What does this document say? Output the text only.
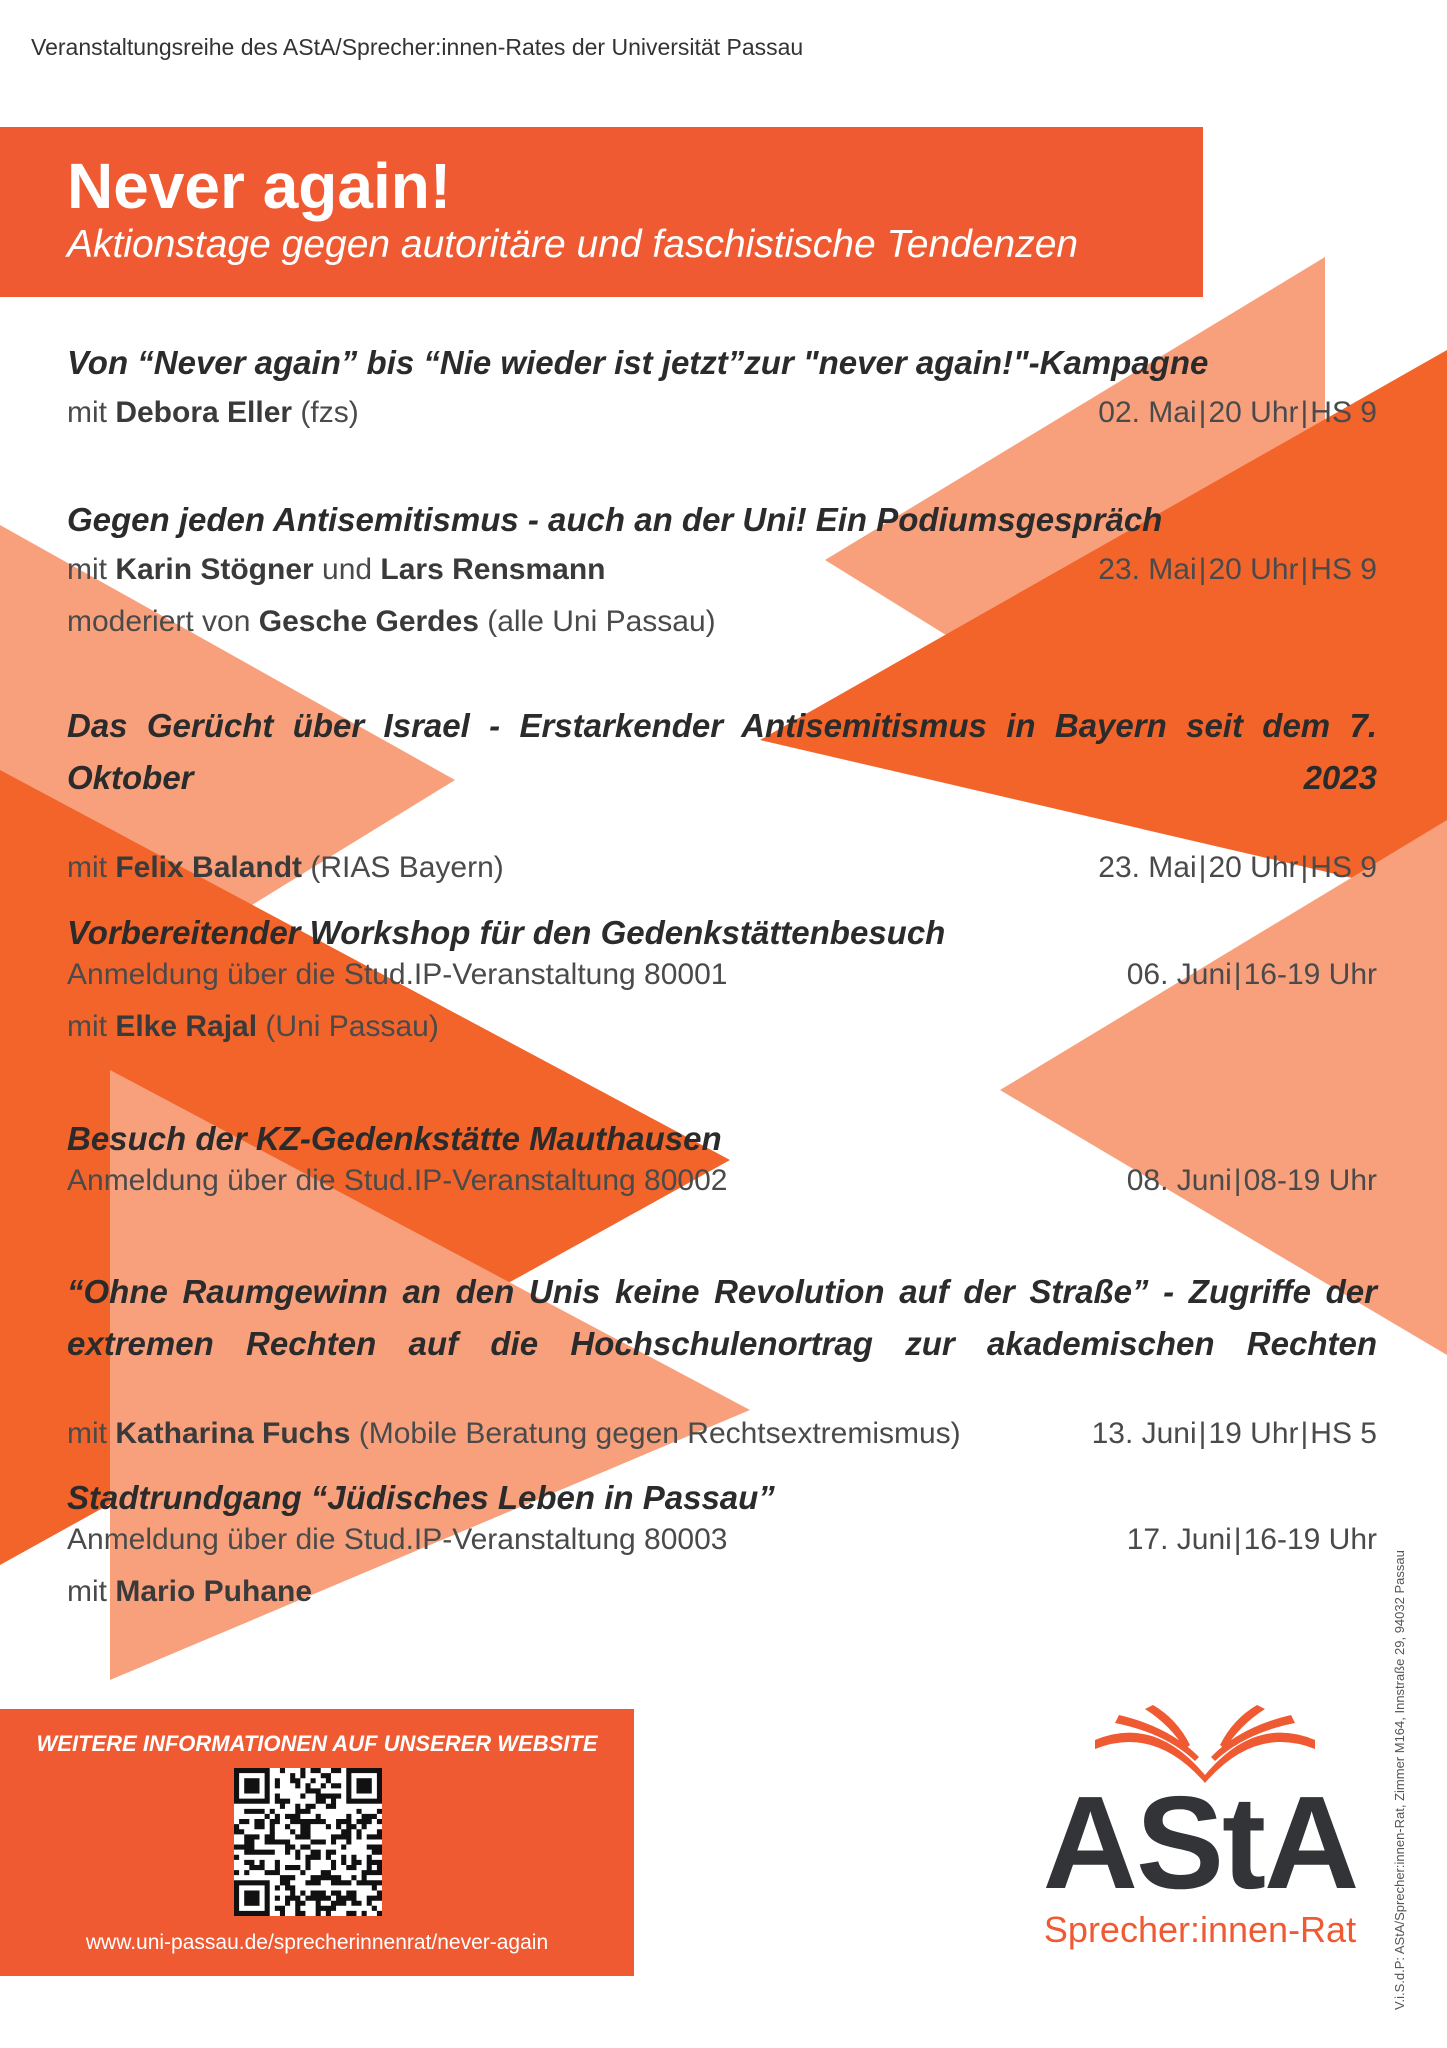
Veranstaltungsreihe des AStA/Sprecher:innen-Rates der Universität Passau
Never again!
Aktionstage gegen autoritäre und faschistische Tendenzen
Von “Never again” bis “Nie wieder ist jetzt”zur "never again!"-Kampagne
mit Debora Eller (fzs)	02. Mai|20 Uhr|HS 9
Gegen jeden Antisemitismus - auch an der Uni! Ein Podiumsgespräch
mit Karin Stögner und Lars Rensmann	23. Mai|20 Uhr|HS 9
moderiert von Gesche Gerdes (alle Uni Passau)
Das Gerücht über Israel - Erstarkender Antisemitismus in Bayern seit dem 7. Oktober 2023
mit Felix Balandt (RIAS Bayern)	23. Mai|20 Uhr|HS 9
Vorbereitender Workshop für den Gedenkstättenbesuch
Anmeldung über die Stud.IP-Veranstaltung 80001	06. Juni|16-19 Uhr
mit Elke Rajal (Uni Passau)
Besuch der KZ-Gedenkstätte Mauthausen
Anmeldung über die Stud.IP-Veranstaltung 80002	08. Juni|08-19 Uhr
“Ohne Raumgewinn an den Unis keine Revolution auf der Straße” - Zugriffe der extremen Rechten auf die Hochschulenortrag zur akademischen Rechten
mit Katharina Fuchs (Mobile Beratung gegen Rechtsextremismus)	13. Juni|19 Uhr|HS 5
Stadtrundgang “Jüdisches Leben in Passau”
Anmeldung über die Stud.IP-Veranstaltung 80003	17. Juni|16-19 Uhr
mit Mario Puhane
WEITERE INFORMATIONEN AUF UNSERER WEBSITE
www.uni-passau.de/sprecherinnenrat/never-again
AStA
Sprecher:innen-Rat	V.i.S.d.P: AStA/Sprecher:innen-Rat, Zimmer M164, Innstraße 29, 94032 Passau
